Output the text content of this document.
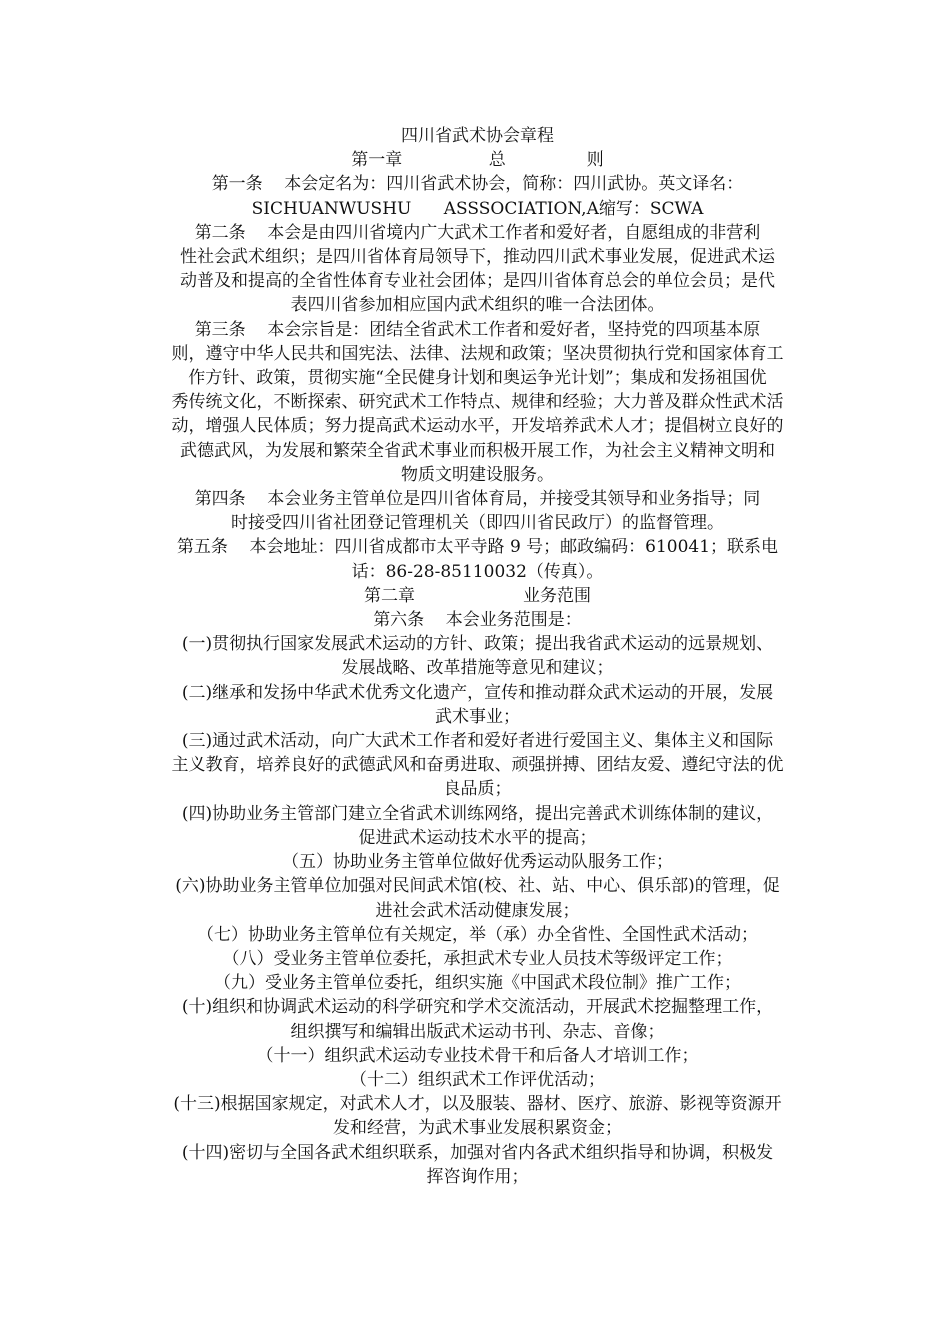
四川省武术协会章程

第一章                总               则

第一条    本会定名为：四川省武术协会，简称：四川武协。英文译名：

SICHUANWUSHU      ASSSOCIATION,A缩写：SCWA

第二条    本会是由四川省境内广大武术工作者和爱好者，自愿组成的非营利

性社会武术组织；是四川省体育局领导下，推动四川武术事业发展，促进武术运

动普及和提高的全省性体育专业社会团体；是四川省体育总会的单位会员；是代

表四川省参加相应国内武术组织的唯一合法团体。

第三条    本会宗旨是：团结全省武术工作者和爱好者，坚持党的四项基本原

则，遵守中华人民共和国宪法、法律、法规和政策；坚决贯彻执行党和国家体育工

作方针、政策，贯彻实施“全民健身计划和奥运争光计划”；集成和发扬祖国优

秀传统文化，不断探索、研究武术工作特点、规律和经验；大力普及群众性武术活

动，增强人民体质；努力提高武术运动水平，开发培养武术人才；提倡树立良好的

武德武风，为发展和繁荣全省武术事业而积极开展工作，为社会主义精神文明和

物质文明建设服务。

第四条    本会业务主管单位是四川省体育局，并接受其领导和业务指导；同

时接受四川省社团登记管理机关（即四川省民政厅）的监督管理。

第五条    本会地址：四川省成都市太平寺路 9 号；邮政编码：610041；联系电

话：86-28-85110032（传真）。

第二章                    业务范围

第六条    本会业务范围是：

(一)贯彻执行国家发展武术运动的方针、政策；提出我省武术运动的远景规划、

发展战略、改革措施等意见和建议；

(二)继承和发扬中华武术优秀文化遗产，宣传和推动群众武术运动的开展，发展

武术事业；

(三)通过武术活动，向广大武术工作者和爱好者进行爱国主义、集体主义和国际

主义教育，培养良好的武德武风和奋勇进取、顽强拼搏、团结友爱、遵纪守法的优

良品质；

(四)协助业务主管部门建立全省武术训练网络，提出完善武术训练体制的建议，

促进武术运动技术水平的提高；

（五）协助业务主管单位做好优秀运动队服务工作；

(六)协助业务主管单位加强对民间武术馆(校、社、站、中心、俱乐部)的管理，促

进社会武术活动健康发展；

（七）协助业务主管单位有关规定，举（承）办全省性、全国性武术活动；

（八）受业务主管单位委托，承担武术专业人员技术等级评定工作；

（九）受业务主管单位委托，组织实施《中国武术段位制》推广工作；

(十)组织和协调武术运动的科学研究和学术交流活动，开展武术挖掘整理工作，

组织撰写和编辑出版武术运动书刊、杂志、音像；

（十一）组织武术运动专业技术骨干和后备人才培训工作；

（十二）组织武术工作评优活动；

(十三)根据国家规定，对武术人才，以及服装、器材、医疗、旅游、影视等资源开

发和经营，为武术事业发展积累资金；

(十四)密切与全国各武术组织联系，加强对省内各武术组织指导和协调，积极发

挥咨询作用；
